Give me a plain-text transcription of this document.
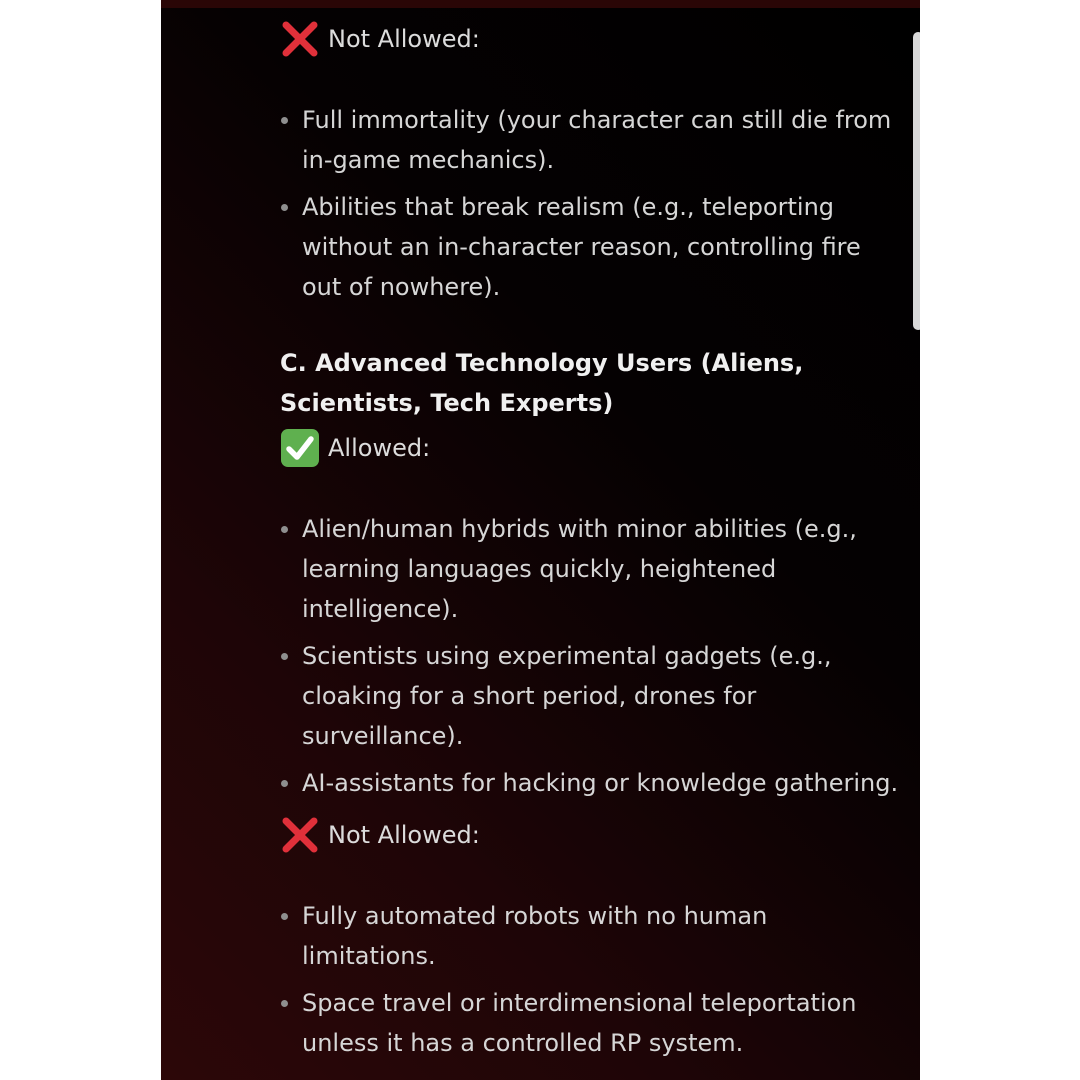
Not Allowed:
Full immortality (your character can still die from in-game mechanics).
Abilities that break realism (e.g., teleporting without an in-character reason, controlling fire out of nowhere).
C. Advanced Technology Users (Aliens, Scientists, Tech Experts)
Allowed:
Alien/human hybrids with minor abilities (e.g., learning languages quickly, heightened intelligence).
Scientists using experimental gadgets (e.g., cloaking for a short period, drones for surveillance).
AI-assistants for hacking or knowledge gathering.
Not Allowed:
Fully automated robots with no human limitations.
Space travel or interdimensional teleportation unless it has a controlled RP system.
